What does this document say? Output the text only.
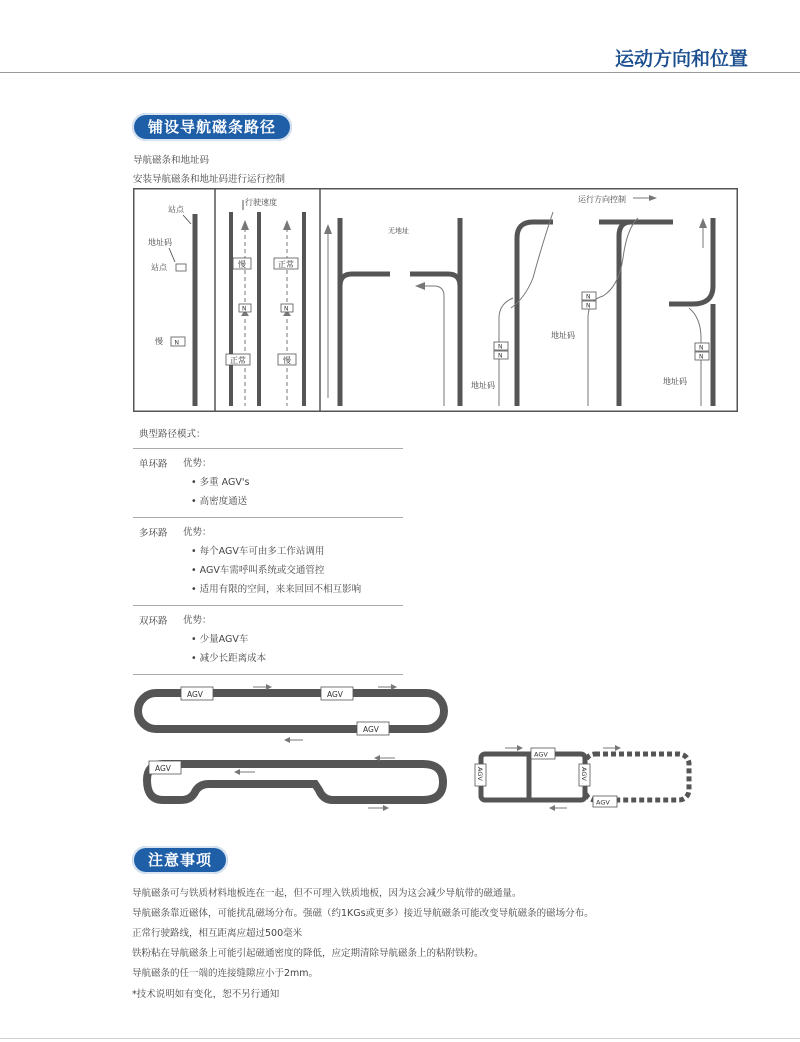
运动方向和位置
铺设导航磁条路径
导航磁条和地址码
安装导航磁条和地址码进行运行控制
站点
地址码
站点
慢 N
行驶速度
慢	正常
N	N
正常	慢
无地址
运行方向控制
N
N
地址码
N
N
地址码
N
N
地址码
典型路径模式：
单环路 优势：
• 多重 AGV's
• 高密度通送
多环路 优势：
• 每个AGV车可由多工作站调用
• AGV车需呼叫系统或交通管控
• 适用有限的空间，来来回回不相互影响
双环路 优势：
• 少量AGV车
• 减少长距离成本
AGV	AGV
AGV
AGV
AGV
AGV	AGV
AGV
注意事项
导航磁条可与铁质材料地板连在一起，但不可埋入铁质地板，因为这会减少导航带的磁通量。
导航磁条靠近磁体，可能扰乱磁场分布。强磁（约1KGs或更多）接近导航磁条可能改变导航磁条的磁场分布。
正常行驶路线，相互距离应超过500毫米
铁粉粘在导航磁条上可能引起磁通密度的降低，应定期清除导航磁条上的粘附铁粉。
导航磁条的任一端的连接缝隙应小于2mm。
*技术说明如有变化，恕不另行通知
